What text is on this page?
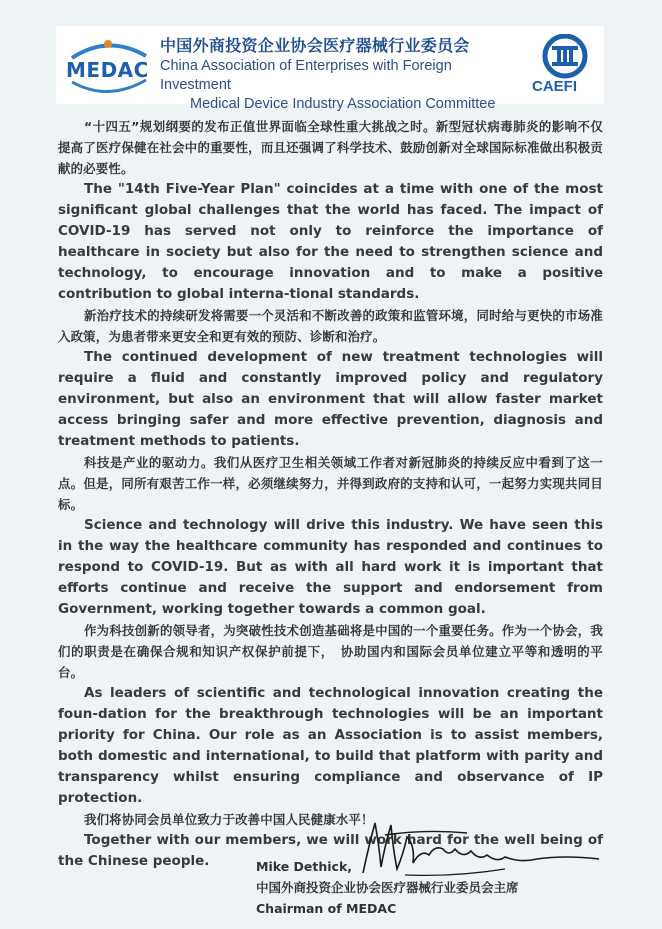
MEDAC
中国外商投资企业协会医疗器械行业委员会
China Association of Enterprises with Foreign Investment
Medical Device Industry Association Committee
CAEFI

“十四五”规划纲要的发布正值世界面临全球性重大挑战之时。新型冠状病毒肺炎的影响不仅提高了医疗保健在社会中的重要性，而且还强调了科学技术、鼓励创新对全球国际标准做出积极贡献的必要性。

The "14th Five-Year Plan" coincides at a time with one of the most significant global challenges that the world has faced. The impact of COVID-19 has served not only to reinforce the importance of healthcare in society but also for the need to strengthen science and technology, to encourage innovation and to make a positive contribution to global interna-tional standards.

新治疗技术的持续研发将需要一个灵活和不断改善的政策和监管环境，同时给与更快的市场准入政策，为患者带来更安全和更有效的预防、诊断和治疗。

The continued development of new treatment technologies will require a fluid and constantly improved policy and regulatory environment, but also an environment that will allow faster market access bringing safer and more effective prevention, diagnosis and treatment methods to patients.

科技是产业的驱动力。我们从医疗卫生相关领域工作者对新冠肺炎的持续反应中看到了这一点。但是，同所有艰苦工作一样，必须继续努力，并得到政府的支持和认可，一起努力实现共同目标。

Science and technology will drive this industry. We have seen this in the way the healthcare community has responded and continues to respond to COVID-19. But as with all hard work it is important that efforts continue and receive the support and endorsement from Government, working together towards a common goal.

作为科技创新的领导者，为突破性技术创造基础将是中国的一个重要任务。作为一个协会，我们的职责是在确保合规和知识产权保护前提下，　协助国内和国际会员单位建立平等和透明的平台。

As leaders of scientific and technological innovation creating the foun-dation for the breakthrough technologies will be an important priority for China. Our role as an Association is to assist members, both domestic and international, to build that platform with parity and transparency whilst ensuring compliance and observance of IP protection.

我们将协同会员单位致力于改善中国人民健康水平！

Together with our members, we will work hard for the well being of the Chinese people.	Mike Dethick,
中国外商投资企业协会医疗器械行业委员会主席
Chairman of MEDAC
